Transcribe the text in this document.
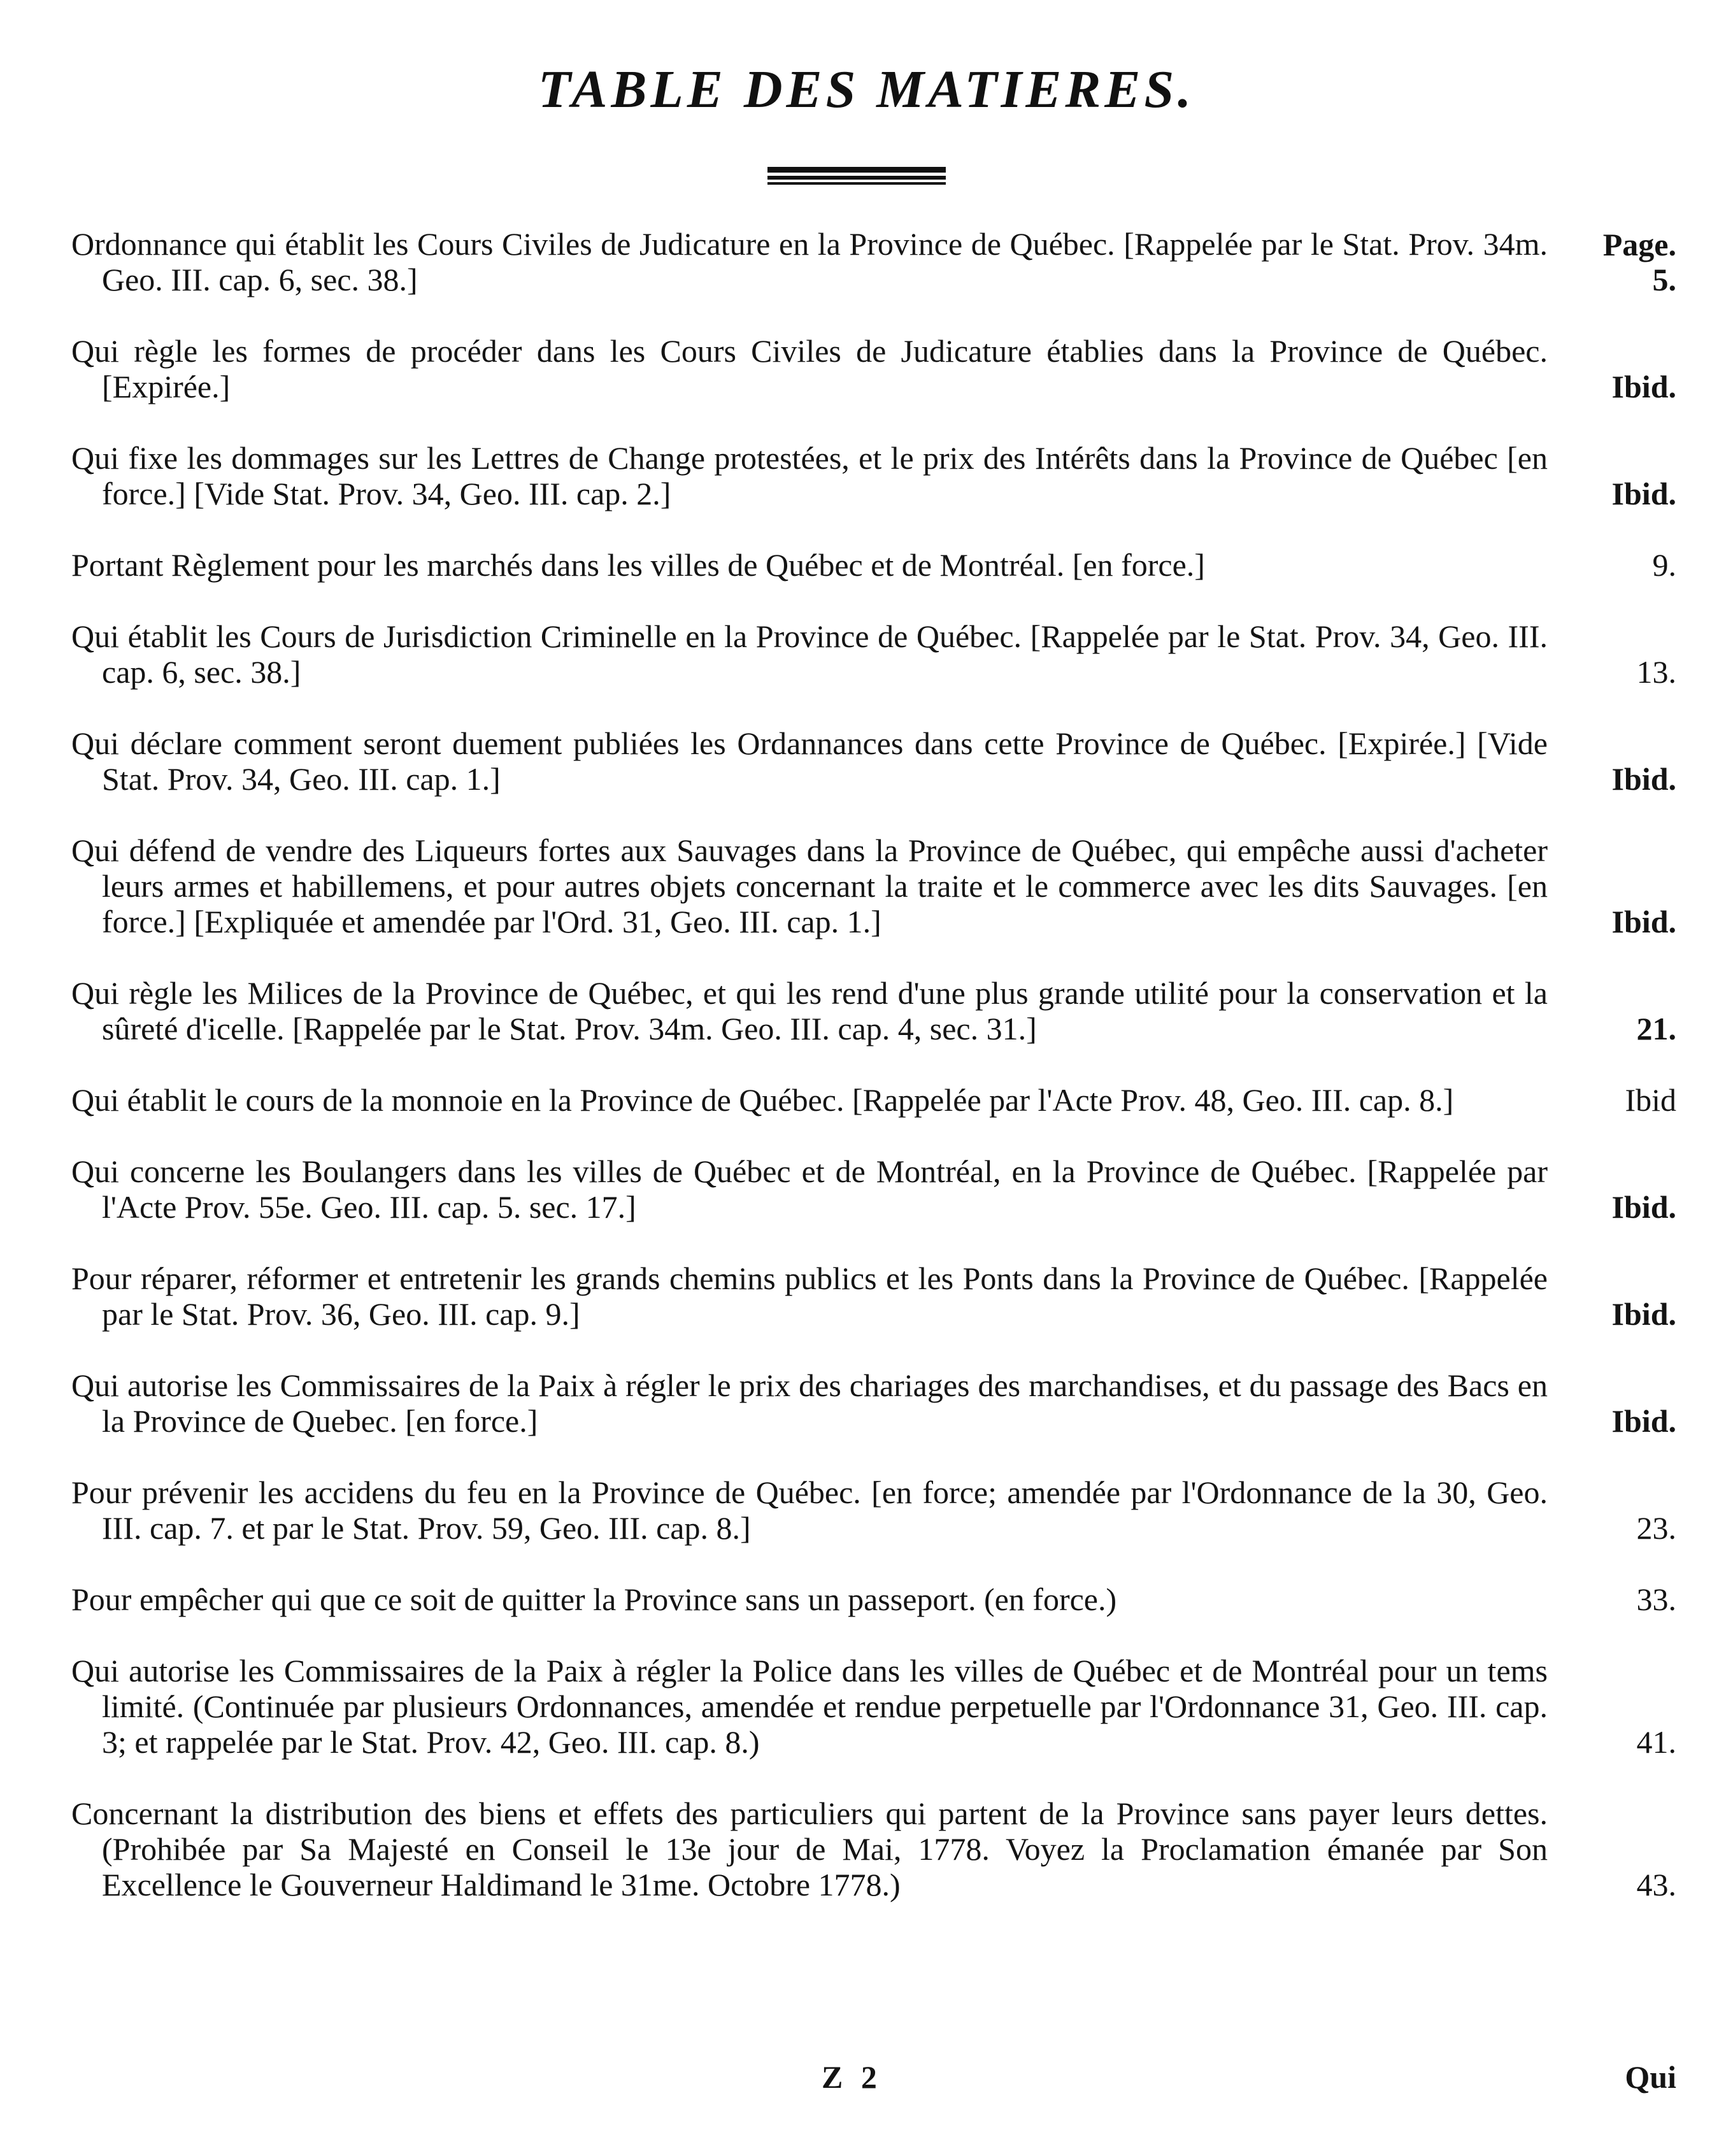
TABLE DES MATIERES.
Page.
Ordonnance qui établit les Cours Civiles de Judicature en la Province de Québec. [Rappelée par le Stat. Prov. 34m. Geo. III. cap. 6, sec. 38.]	5.
Qui règle les formes de procéder dans les Cours Civiles de Judicature établies dans la Province de Québec. [Expirée.]	Ibid.
Qui fixe les dommages sur les Lettres de Change protestées, et le prix des Intérêts dans la Province de Québec [en force.] [Vide Stat. Prov. 34, Geo. III. cap. 2.]	Ibid.
Portant Règlement pour les marchés dans les villes de Québec et de Montréal. [en force.]	9.
Qui établit les Cours de Jurisdiction Criminelle en la Province de Québec. [Rappelée par le Stat. Prov. 34, Geo. III. cap. 6, sec. 38.]	13.
Qui déclare comment seront duement publiées les Ordannances dans cette Province de Québec. [Expirée.] [Vide Stat. Prov. 34, Geo. III. cap. 1.]	Ibid.
Qui défend de vendre des Liqueurs fortes aux Sauvages dans la Province de Québec, qui empêche aussi d'acheter leurs armes et habillemens, et pour autres objets concernant la traite et le commerce avec les dits Sauvages. [en force.] [Expliquée et amendée par l'Ord. 31, Geo. III. cap. 1.]	Ibid.
Qui règle les Milices de la Province de Québec, et qui les rend d'une plus grande utilité pour la conservation et la sûreté d'icelle. [Rappelée par le Stat. Prov. 34m. Geo. III. cap. 4, sec. 31.]	21.
Qui établit le cours de la monnoie en la Province de Québec. [Rappelée par l'Acte Prov. 48, Geo. III. cap. 8.]	Ibid
Qui concerne les Boulangers dans les villes de Québec et de Montréal, en la Province de Québec. [Rappelée par l'Acte Prov. 55e. Geo. III. cap. 5. sec. 17.]	Ibid.
Pour réparer, réformer et entretenir les grands chemins publics et les Ponts dans la Province de Québec. [Rappelée par le Stat. Prov. 36, Geo. III. cap. 9.]	Ibid.
Qui autorise les Commissaires de la Paix à régler le prix des chariages des marchandises, et du passage des Bacs en la Province de Quebec. [en force.]	Ibid.
Pour prévenir les accidens du feu en la Province de Québec. [en force; amendée par l'Ordonnance de la 30, Geo. III. cap. 7. et par le Stat. Prov. 59, Geo. III. cap. 8.]	23.
Pour empêcher qui que ce soit de quitter la Province sans un passeport. (en force.)	33.
Qui autorise les Commissaires de la Paix à régler la Police dans les villes de Québec et de Montréal pour un tems limité. (Continuée par plusieurs Ordonnances, amendée et rendue perpetuelle par l'Ordonnance 31, Geo. III. cap. 3; et rappelée par le Stat. Prov. 42, Geo. III. cap. 8.)	41.
Concernant la distribution des biens et effets des particuliers qui partent de la Province sans payer leurs dettes. (Prohibée par Sa Majesté en Conseil le 13e jour de Mai, 1778. Voyez la Proclamation émanée par Son Excellence le Gouverneur Haldimand le 31me. Octobre 1778.)	43.
Z 2	Qui
